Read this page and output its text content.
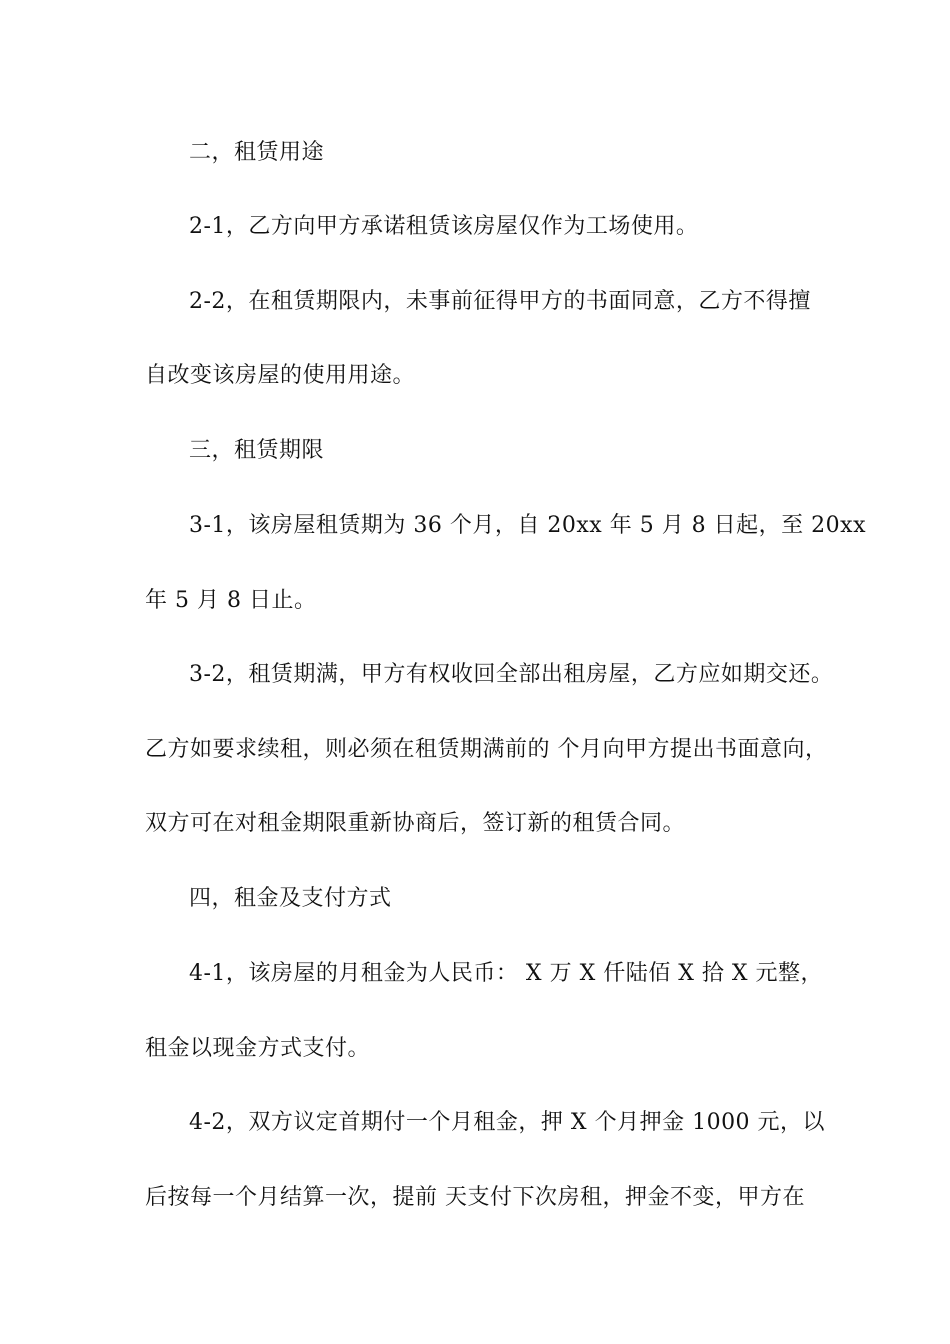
二，租赁用途
2-1，乙方向甲方承诺租赁该房屋仅作为工场使用。
2-2，在租赁期限内，未事前征得甲方的书面同意，乙方不得擅
自改变该房屋的使用用途。
三，租赁期限
3-1，该房屋租赁期为 36 个月，自 20xx 年 5 月 8 日起，至 20xx
年 5 月 8 日止。
3-2，租赁期满，甲方有权收回全部出租房屋，乙方应如期交还。
乙方如要求续租，则必须在租赁期满前的 个月向甲方提出书面意向，
双方可在对租金期限重新协商后，签订新的租赁合同。
四，租金及支付方式
4-1，该房屋的月租金为人民币： X 万 X 仟陆佰 X 拾 X 元整，
租金以现金方式支付。
4-2，双方议定首期付一个月租金，押 X 个月押金 1000 元，以
后按每一个月结算一次，提前 天支付下次房租，押金不变，甲方在
